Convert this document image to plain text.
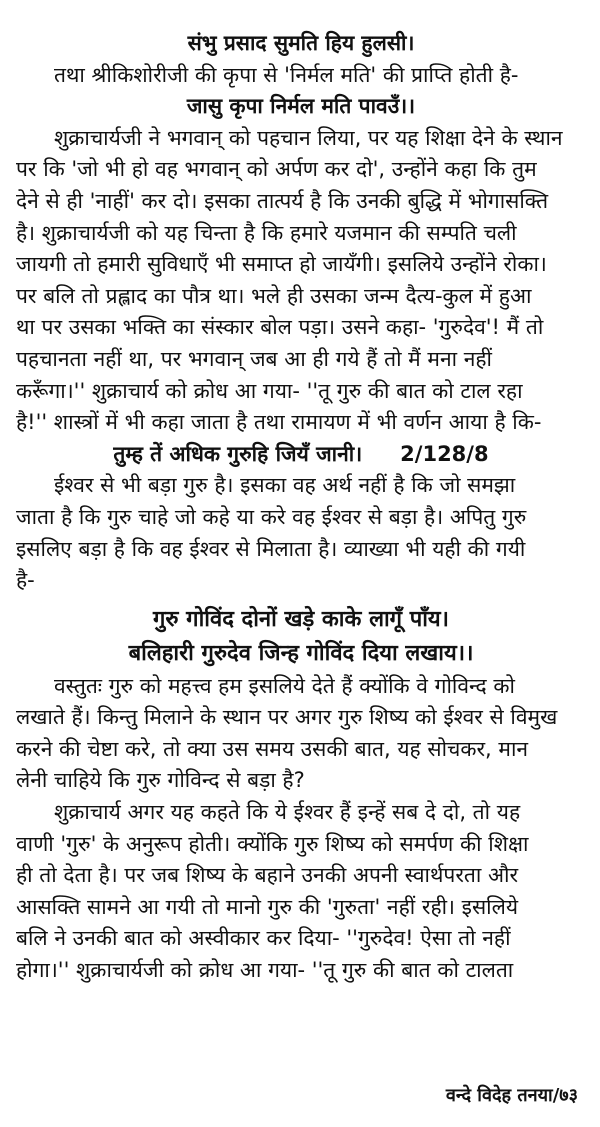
संभु प्रसाद सुमति हिय हुलसी।
तथा श्रीकिशोरीजी की कृपा से 'निर्मल मति' की प्राप्ति होती है-
जासु कृपा निर्मल मति पावउँ।।
शुक्राचार्यजी ने भगवान् को पहचान लिया, पर यह शिक्षा देने के स्थान
पर कि 'जो भी हो वह भगवान् को अर्पण कर दो', उन्होंने कहा कि तुम
देने से ही 'नाहीं' कर दो। इसका तात्पर्य है कि उनकी बुद्धि में भोगासक्ति
है। शुक्राचार्यजी को यह चिन्ता है कि हमारे यजमान की सम्पति चली
जायगी तो हमारी सुविधाएँ भी समाप्त हो जायँगी। इसलिये उन्होंने रोका।
पर बलि तो प्रह्लाद का पौत्र था। भले ही उसका जन्म दैत्य-कुल में हुआ
था पर उसका भक्ति का संस्कार बोल पड़ा। उसने कहा- 'गुरुदेव'! मैं तो
पहचानता नहीं था, पर भगवान् जब आ ही गये हैं तो मैं मना नहीं
करूँगा।'' शुक्राचार्य को क्रोध आ गया- ''तू गुरु की बात को टाल रहा
है!'' शास्त्रों में भी कहा जाता है तथा रामायण में भी वर्णन आया है कि-
तुम्ह तें अधिक गुरुहि जियँ जानी। 2/128/8
ईश्वर से भी बड़ा गुरु है। इसका वह अर्थ नहीं है कि जो समझा
जाता है कि गुरु चाहे जो कहे या करे वह ईश्वर से बड़ा है। अपितु गुरु
इसलिए बड़ा है कि वह ईश्वर से मिलाता है। व्याख्या भी यही की गयी
है-
गुरु गोविंद दोनों खड़े काके लागूँ पाँय।
बलिहारी गुरुदेव जिन्ह गोविंद दिया लखाय।।
वस्तुतः गुरु को महत्त्व हम इसलिये देते हैं क्योंकि वे गोविन्द को
लखाते हैं। किन्तु मिलाने के स्थान पर अगर गुरु शिष्य को ईश्वर से विमुख
करने की चेष्टा करे, तो क्या उस समय उसकी बात, यह सोचकर, मान
लेनी चाहिये कि गुरु गोविन्द से बड़ा है?
शुक्राचार्य अगर यह कहते कि ये ईश्वर हैं इन्हें सब दे दो, तो यह
वाणी 'गुरु' के अनुरूप होती। क्योंकि गुरु शिष्य को समर्पण की शिक्षा
ही तो देता है। पर जब शिष्य के बहाने उनकी अपनी स्वार्थपरता और
आसक्ति सामने आ गयी तो मानो गुरु की 'गुरुता' नहीं रही। इसलिये
बलि ने उनकी बात को अस्वीकार कर दिया- ''गुरुदेव! ऐसा तो नहीं
होगा।'' शुक्राचार्यजी को क्रोध आ गया- ''तू गुरु की बात को टालता
वन्दे विदेह तनया/७३
